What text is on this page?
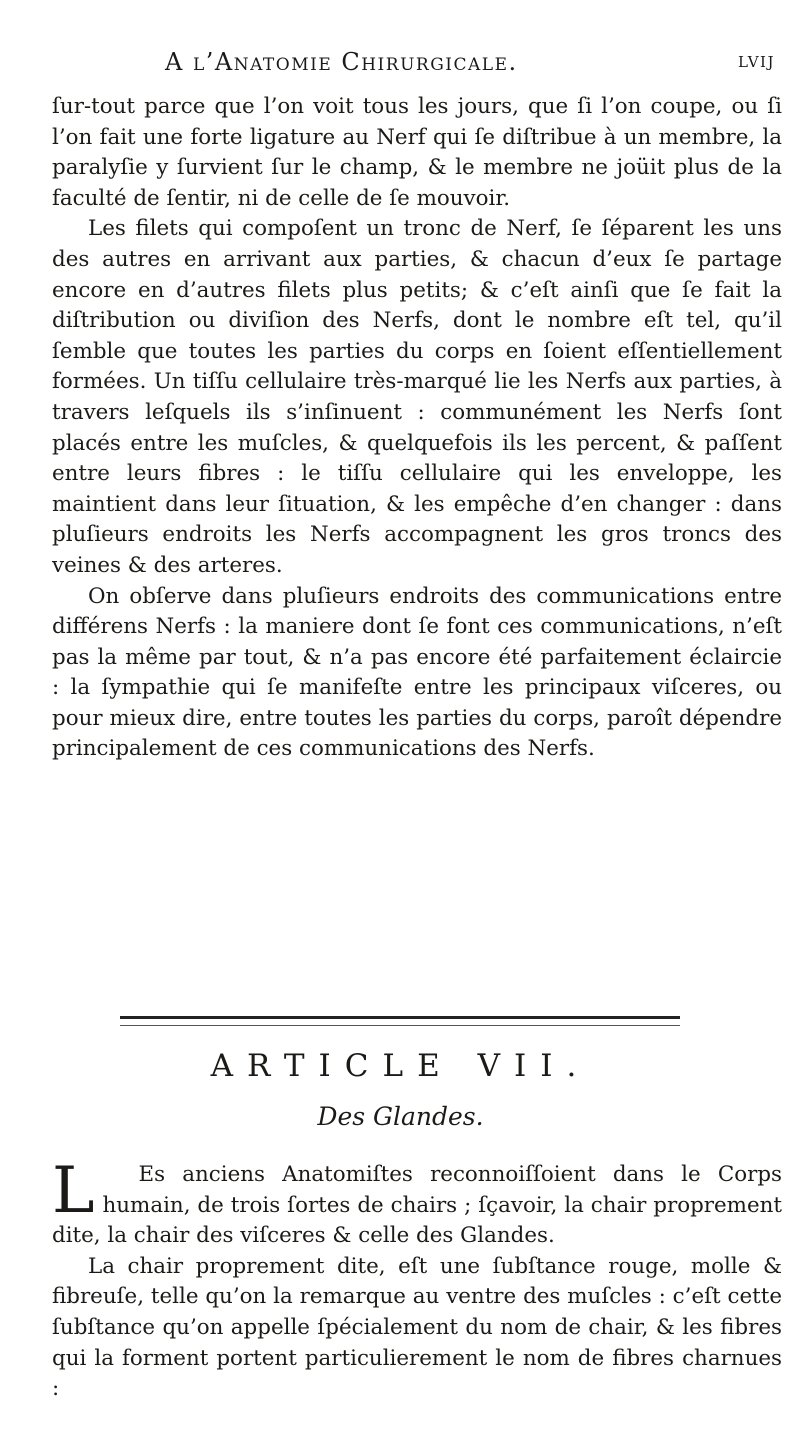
A l’Anatomie Chirurgicale.	lvij

ſur-tout parce que l’on voit tous les jours, que ſi l’on coupe, ou ſi l’on fait une forte ligature au Nerf qui ſe diſtribue à un membre, la paralyſie y ſurvient ſur le champ, & le membre ne joüit plus de la faculté de ſentir, ni de celle de ſe mouvoir.

Les filets qui compoſent un tronc de Nerf, ſe ſéparent les uns des autres en arrivant aux parties, & chacun d’eux ſe partage encore en d’autres filets plus petits; & c’eſt ainſi que ſe fait la diſtribution ou diviſion des Nerfs, dont le nombre eſt tel, qu’il ſemble que toutes les parties du corps en ſoient eſſentiellement formées. Un tiſſu cellulaire très-marqué lie les Nerfs aux parties, à travers leſquels ils s’inſinuent : communément les Nerfs ſont placés entre les muſcles, & quelquefois ils les percent, & paſſent entre leurs fibres : le tiſſu cellulaire qui les enveloppe, les maintient dans leur ſituation, & les empêche d’en changer : dans pluſieurs endroits les Nerfs accompagnent les gros troncs des veines & des arteres.

On obſerve dans pluſieurs endroits des communications entre différens Nerfs : la maniere dont ſe font ces communications, n’eſt pas la même par tout, & n’a pas encore été parfaitement éclaircie : la ſympathie qui ſe manifeſte entre les principaux viſceres, ou pour mieux dire, entre toutes les parties du corps, paroît dépendre principalement de ces communications des Nerfs.

ARTICLE VII.
Des Glandes.

L Es anciens Anatomiſtes reconnoiſſoient dans le Corps humain, de trois ſortes de chairs ; ſçavoir, la chair proprement dite, la chair des viſceres & celle des Glandes.

La chair proprement dite, eſt une ſubſtance rouge, molle & fibreuſe, telle qu’on la remarque au ventre des muſcles : c’eſt cette ſubſtance qu’on appelle ſpécialement du nom de chair, & les fibres qui la forment portent particulierement le nom de fibres charnues :
